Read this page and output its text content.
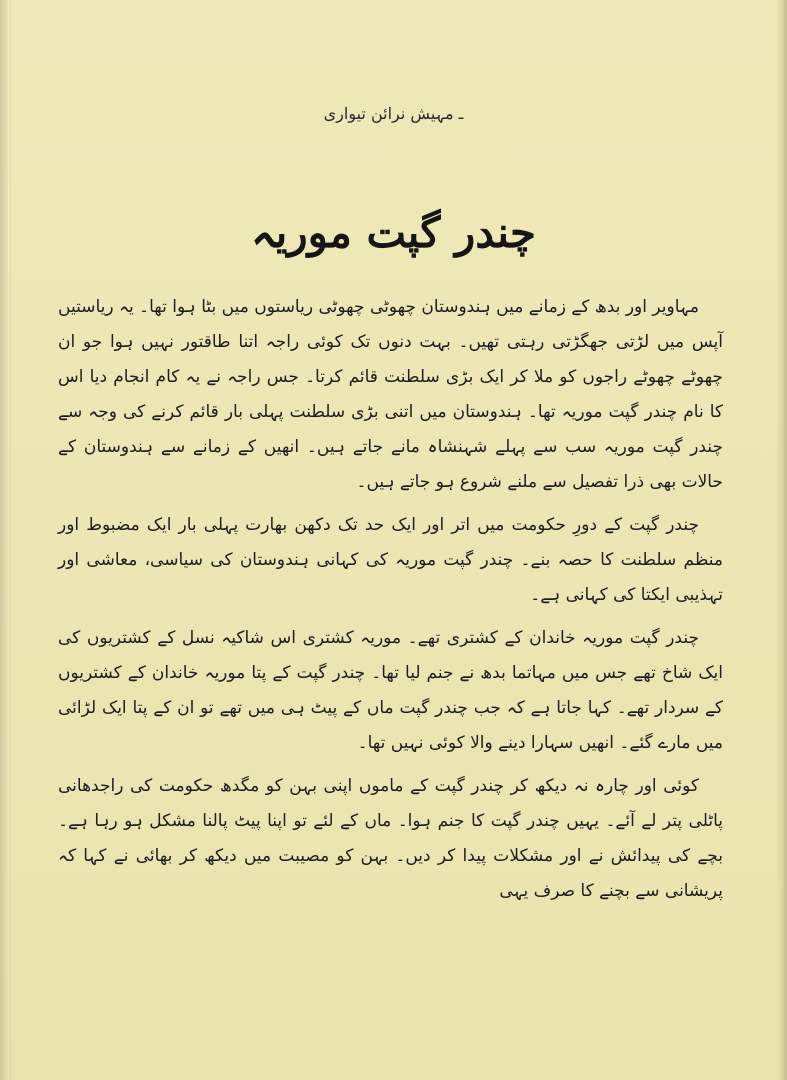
ـ مہیش نرائن تیواری
چندر گپت موریہ

مہاویر اور بدھ کے زمانے میں ہندوستان چھوٹی چھوٹی ریاستوں میں بٹا ہوا تھا۔ یہ ریاستیں آپس میں لڑتی جھگڑتی رہتی تھیں۔ بہت دنوں تک کوئی راجہ اتنا طاقتور نہیں ہوا جو ان چھوٹے چھوٹے راجوں کو ملا کر ایک بڑی سلطنت قائم کرتا۔ جس راجہ نے یہ کام انجام دیا اس کا نام چندر گپت موریہ تھا۔ ہندوستان میں اتنی بڑی سلطنت پہلی بار قائم کرنے کی وجہ سے چندر گپت موریہ سب سے پہلے شہنشاہ مانے جاتے ہیں۔ انھیں کے زمانے سے ہندوستان کے حالات بھی ذرا تفصیل سے ملنے شروع ہو جاتے ہیں۔

چندر گپت کے دورِ حکومت میں اتر اور ایک حد تک دکھن بھارت پہلی بار ایک مضبوط اور منظم سلطنت کا حصہ بنے۔ چندر گپت موریہ کی کہانی ہندوستان کی سیاسی، معاشی اور تہذیبی ایکتا کی کہانی ہے۔

چندر گپت موریہ خاندان کے کشتری تھے۔ موریہ کشتری اس شاکیہ نسل کے کشتریوں کی ایک شاخ تھے جس میں مہاتما بدھ نے جنم لیا تھا۔ چندر گپت کے پتا موریہ خاندان کے کشتریوں کے سردار تھے۔ کہا جاتا ہے کہ جب چندر گپت ماں کے پیٹ ہی میں تھے تو ان کے پتا ایک لڑائی میں مارے گئے۔ انھیں سہارا دینے والا کوئی نہیں تھا۔

کوئی اور چارہ نہ دیکھ کر چندر گپت کے ماموں اپنی بہن کو مگدھ حکومت کی راجدھانی پاٹلی پتر لے آئے۔ یہیں چندر گپت کا جنم ہوا۔ ماں کے لئے تو اپنا پیٹ پالنا مشکل ہو رہا ہے۔ بچے کی پیدائش نے اور مشکلات پیدا کر دیں۔ بہن کو مصیبت میں دیکھ کر بھائی نے کہا کہ پریشانی سے بچنے کا صرف یہی
